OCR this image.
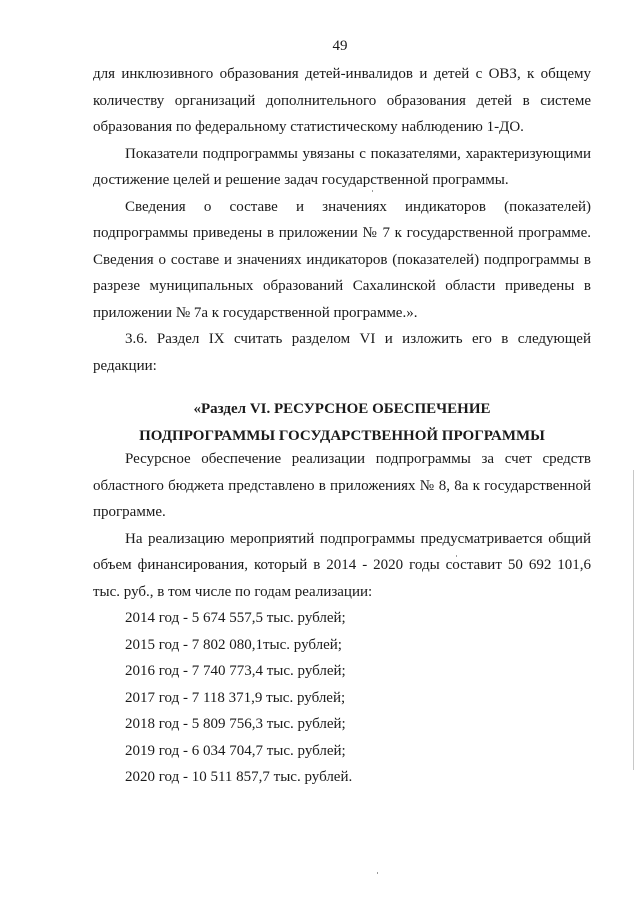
49

для инклюзивного образования детей-инвалидов и детей с ОВЗ, к общему количеству организаций дополнительного образования детей в системе образования по федеральному статистическому наблюдению 1-ДО.

Показатели подпрограммы увязаны с показателями, характеризующими достижение целей и решение задач государственной программы.

Сведения о составе и значениях индикаторов (показателей) подпрограммы приведены в приложении № 7 к государственной программе. Сведения о составе и значениях индикаторов (показателей) подпрограммы в разрезе муниципальных образований Сахалинской области приведены в приложении № 7а к государственной программе.».

3.6. Раздел IX считать разделом VI и изложить его в следующей редакции:

«Раздел VI. РЕСУРСНОЕ ОБЕСПЕЧЕНИЕ

ПОДПРОГРАММЫ ГОСУДАРСТВЕННОЙ ПРОГРАММЫ

Ресурсное обеспечение реализации подпрограммы за счет средств областного бюджета представлено в приложениях № 8, 8а к государственной программе.

На реализацию мероприятий подпрограммы предусматривается общий объем финансирования, который в 2014 - 2020 годы составит 50 692 101,6 тыс. руб., в том числе по годам реализации:

2014 год - 5 674 557,5 тыс. рублей;
2015 год - 7 802 080,1тыс. рублей;
2016 год - 7 740 773,4 тыс. рублей;
2017 год - 7 118 371,9 тыс. рублей;
2018 год - 5 809 756,3 тыс. рублей;
2019 год - 6 034 704,7 тыс. рублей;
2020 год - 10 511 857,7 тыс. рублей.
